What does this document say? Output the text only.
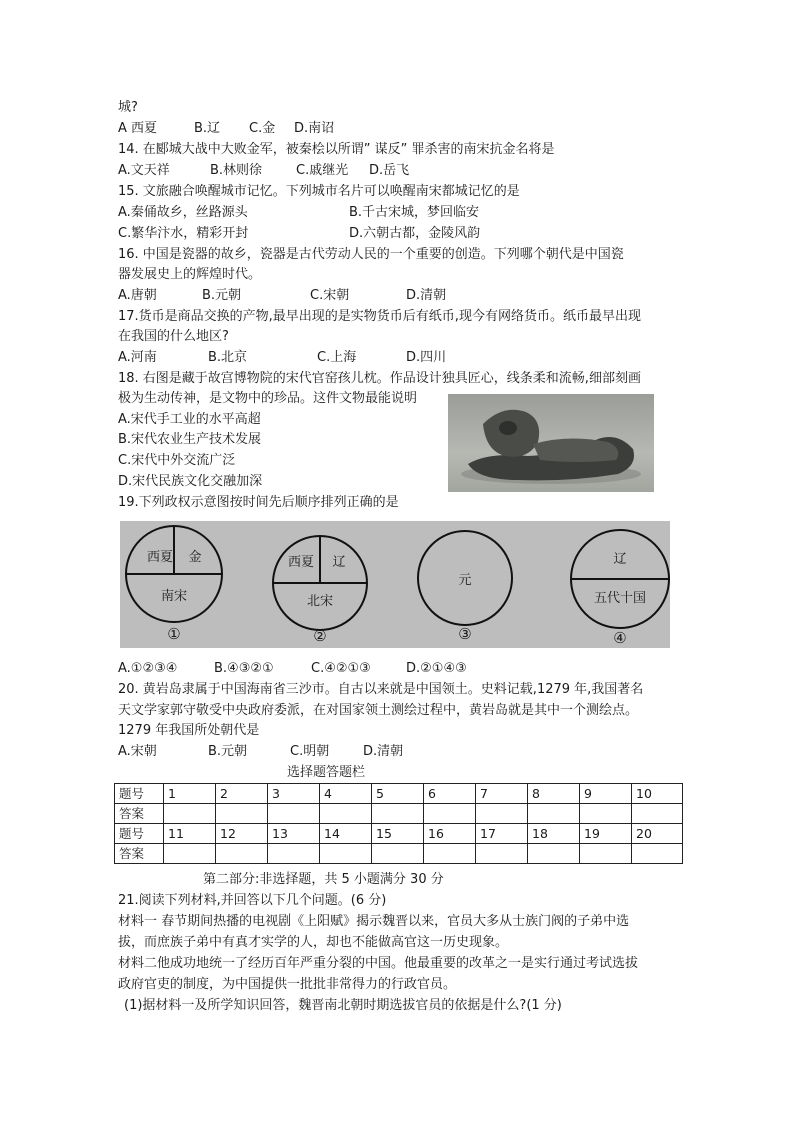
城?
A 西夏	B.辽 C.金 D.南诏
14. 在郾城大战中大败金军，被秦桧以所谓” 谋反” 罪杀害的南宋抗金名将是
A.文天祥	B.林则徐	C.戚继光 D.岳飞
15. 文旅融合唤醒城市记忆。下列城市名片可以唤醒南宋都城记忆的是
A.秦俑故乡，丝路源头	B.千古宋城，梦回临安
C.繁华汴水，精彩开封	D.六朝古都，金陵风韵
16. 中国是瓷器的故乡，瓷器是古代劳动人民的一个重要的创造。下列哪个朝代是中国瓷
器发展史上的辉煌时代。
A.唐朝	B.元朝	C.宋朝	D.清朝
17.货币是商品交换的产物,最早出现的是实物货币后有纸币,现今有网络货币。纸币最早出现
在我国的什么地区?
A.河南	B.北京	C.上海	D.四川
18. 右图是藏于故宫博物院的宋代官窑孩儿枕。作品设计独具匠心，线条柔和流畅,细部刻画
极为生动传神，是文物中的珍品。这件文物最能说明
A.宋代手工业的水平高超
B.宋代农业生产技术发展
C.宋代中外交流广泛
D.宋代民族文化交融加深
19.下列政权示意图按时间先后顺序排列正确的是
西夏 金
南宋
①
西夏 辽
北宋
②
元
③
辽
五代十国
④
A.①②③④	B.④③②①	C.④②①③	D.②①④③
20. 黄岩岛隶属于中国海南省三沙市。自古以来就是中国领土。史料记载,1279 年,我国著名
天文学家郭守敬受中央政府委派，在对国家领土测绘过程中，黄岩岛就是其中一个测绘点。
1279 年我国所处朝代是
A.宋朝	B.元朝	C.明朝	D.清朝
选择题答题栏
题号	1	2	3	4	5	6	7	8	9	10
答案										
题号	11	12	13	14	15	16	17	18	19	20
答案										
第二部分:非选择题，共 5 小题满分 30 分
21.阅读下列材料,并回答以下几个问题。(6 分)
材料一 春节期间热播的电视剧《上阳赋》揭示魏晋以来，官员大多从士族门阀的子弟中选
拔，而庶族子弟中有真才实学的人，却也不能做高官这一历史现象。
材料二他成功地统一了经历百年严重分裂的中国。他最重要的改革之一是实行通过考试选拔
政府官吏的制度，为中国提供一批批非常得力的行政官员。
(1)据材料一及所学知识回答，魏晋南北朝时期选拔官员的依据是什么?(1 分)
